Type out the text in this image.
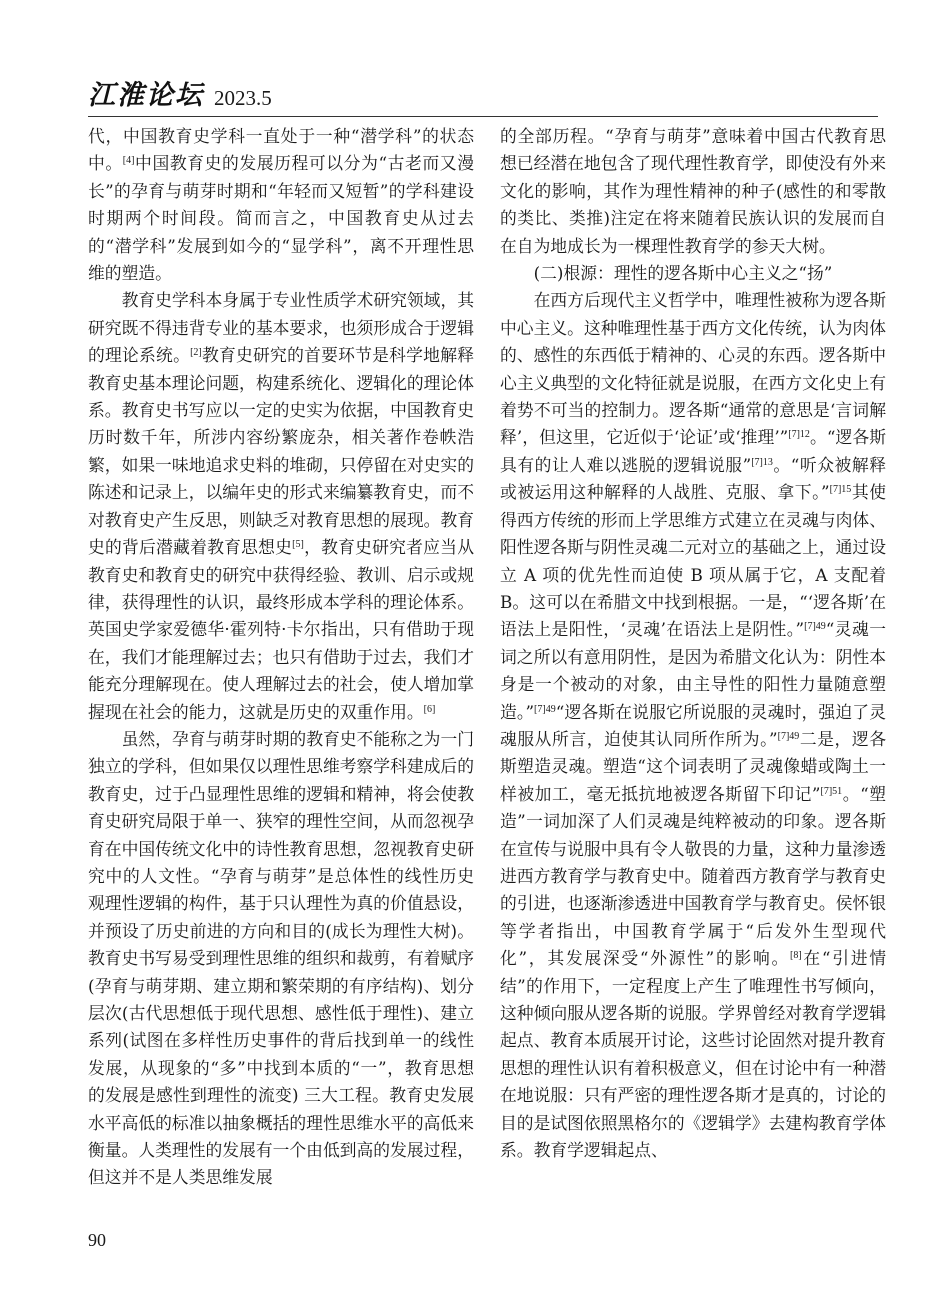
江淮论坛 2023.5

代，中国教育史学科一直处于一种“潜学科”的状态中。[4]中国教育史的发展历程可以分为“古老而又漫长”的孕育与萌芽时期和“年轻而又短暂”的学科建设时期两个时间段。简而言之，中国教育史从过去的“潜学科”发展到如今的“显学科”，离不开理性思维的塑造。

教育史学科本身属于专业性质学术研究领域，其研究既不得违背专业的基本要求，也须形成合于逻辑的理论系统。[2]教育史研究的首要环节是科学地解释教育史基本理论问题，构建系统化、逻辑化的理论体系。教育史书写应以一定的史实为依据，中国教育史历时数千年，所涉内容纷繁庞杂，相关著作卷帙浩繁，如果一味地追求史料的堆砌，只停留在对史实的陈述和记录上，以编年史的形式来编纂教育史，而不对教育史产生反思，则缺乏对教育思想的展现。教育史的背后潜藏着教育思想史[5]，教育史研究者应当从教育史和教育史的研究中获得经验、教训、启示或规律，获得理性的认识，最终形成本学科的理论体系。英国史学家爱德华·霍列特·卡尔指出，只有借助于现在，我们才能理解过去；也只有借助于过去，我们才能充分理解现在。使人理解过去的社会，使人增加掌握现在社会的能力，这就是历史的双重作用。[6]

虽然，孕育与萌芽时期的教育史不能称之为一门独立的学科，但如果仅以理性思维考察学科建成后的教育史，过于凸显理性思维的逻辑和精神，将会使教育史研究局限于单一、狭窄的理性空间，从而忽视孕育在中国传统文化中的诗性教育思想，忽视教育史研究中的人文性。“孕育与萌芽”是总体性的线性历史观理性逻辑的构件，基于只认理性为真的价值悬设，并预设了历史前进的方向和目的(成长为理性大树)。教育史书写易受到理性思维的组织和裁剪，有着赋序(孕育与萌芽期、建立期和繁荣期的有序结构)、划分层次(古代思想低于现代思想、感性低于理性)、建立系列(试图在多样性历史事件的背后找到单一的线性发展，从现象的“多”中找到本质的“一”，教育思想的发展是感性到理性的流变) 三大工程。教育史发展水平高低的标准以抽象概括的理性思维水平的高低来衡量。人类理性的发展有一个由低到高的发展过程，但这并不是人类思维发展

的全部历程。“孕育与萌芽”意味着中国古代教育思想已经潜在地包含了现代理性教育学，即使没有外来文化的影响，其作为理性精神的种子(感性的和零散的类比、类推)注定在将来随着民族认识的发展而自在自为地成长为一棵理性教育学的参天大树。

(二)根源：理性的逻各斯中心主义之“扬”

在西方后现代主义哲学中，唯理性被称为逻各斯中心主义。这种唯理性基于西方文化传统，认为肉体的、感性的东西低于精神的、心灵的东西。逻各斯中心主义典型的文化特征就是说服，在西方文化史上有着势不可当的控制力。逻各斯“通常的意思是‘言词解释’，但这里，它近似于‘论证’或‘推理’”$^{[7]12}$。“逻各斯具有的让人难以逃脱的逻辑说服”$^{[7]13}$。“听众被解释或被运用这种解释的人战胜、克服、拿下。”$^{[7]15}$其使得西方传统的形而上学思维方式建立在灵魂与肉体、阳性逻各斯与阴性灵魂二元对立的基础之上，通过设立 A 项的优先性而迫使 B 项从属于它，A 支配着 B。这可以在希腊文中找到根据。一是，“‘逻各斯’在语法上是阳性，‘灵魂’在语法上是阴性。”$^{[7]49}$“灵魂一词之所以有意用阴性，是因为希腊文化认为：阴性本身是一个被动的对象，由主导性的阳性力量随意塑造。”$^{[7]49}$“逻各斯在说服它所说服的灵魂时，强迫了灵魂服从所言，迫使其认同所作所为。”$^{[7]49}$二是，逻各斯塑造灵魂。塑造“这个词表明了灵魂像蜡或陶土一样被加工，毫无抵抗地被逻各斯留下印记”$^{[7]51}$。“塑造”一词加深了人们灵魂是纯粹被动的印象。逻各斯在宣传与说服中具有令人敬畏的力量，这种力量渗透进西方教育学与教育史中。随着西方教育学与教育史的引进，也逐渐渗透进中国教育学与教育史。侯怀银等学者指出，中国教育学属于“后发外生型现代化”，其发展深受“外源性”的影响。[8]在“引进情结”的作用下，一定程度上产生了唯理性书写倾向，这种倾向服从逻各斯的说服。学界曾经对教育学逻辑起点、教育本质展开讨论，这些讨论固然对提升教育思想的理性认识有着积极意义，但在讨论中有一种潜在地说服：只有严密的理性逻各斯才是真的，讨论的目的是试图依照黑格尔的《逻辑学》去建构教育学体系。教育学逻辑起点、

90
